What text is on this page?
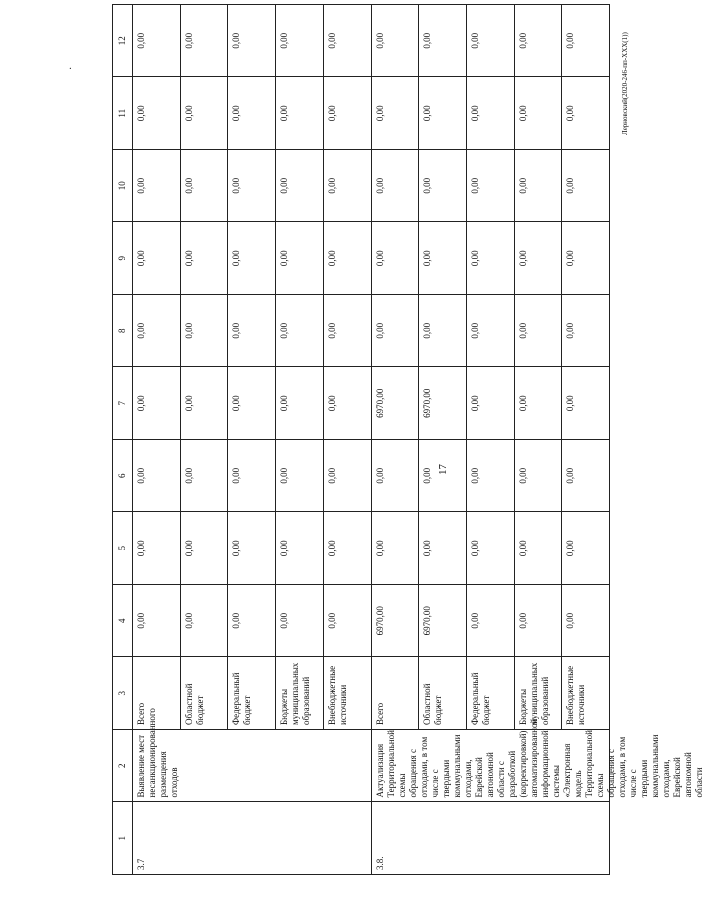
·
1
2
3
4
5
6
7
8
9
10
11
12
3.7
Выявление мест несанкционированного размещения отходов
Всего
0,00
0,00
0,00
0,00
0,00
0,00
0,00
0,00
0,00
Областной бюджет
0,00
0,00
0,00
0,00
0,00
0,00
0,00
0,00
0,00
Федеральный бюджет
0,00
0,00
0,00
0,00
0,00
0,00
0,00
0,00
0,00
Бюджеты муниципальных образований
0,00
0,00
0,00
0,00
0,00
0,00
0,00
0,00
0,00
Внебюджетные источники
0,00
0,00
0,00
0,00
0,00
0,00
0,00
0,00
0,00
3.8.
Актуализация Территориальной схемы обращения с отходами, в том числе с твердыми коммунальными отходами, Еврейской автономной области с разработкой (корректировкой) автоматизированной информационной системы «Электронная модель Территориальной схемы обращения с отходами, в том числе с твердыми коммунальными отходами, Еврейской автономной области
Всего
6970,00
0,00
0,00
6970,00
0,00
0,00
0,00
0,00
0,00
Областной бюджет
6970,00
0,00
0,00
6970,00
0,00
0,00
0,00
0,00
0,00
Федеральный бюджет
0,00
0,00
0,00
0,00
0,00
0,00
0,00
0,00
0,00
Бюджеты муниципальных образований
0,00
0,00
0,00
0,00
0,00
0,00
0,00
0,00
0,00
Внебюджетные источники
0,00
0,00
0,00
0,00
0,00
0,00
0,00
0,00
0,00
17
Лерновский(2020-246-пп-ХХХ(1))
